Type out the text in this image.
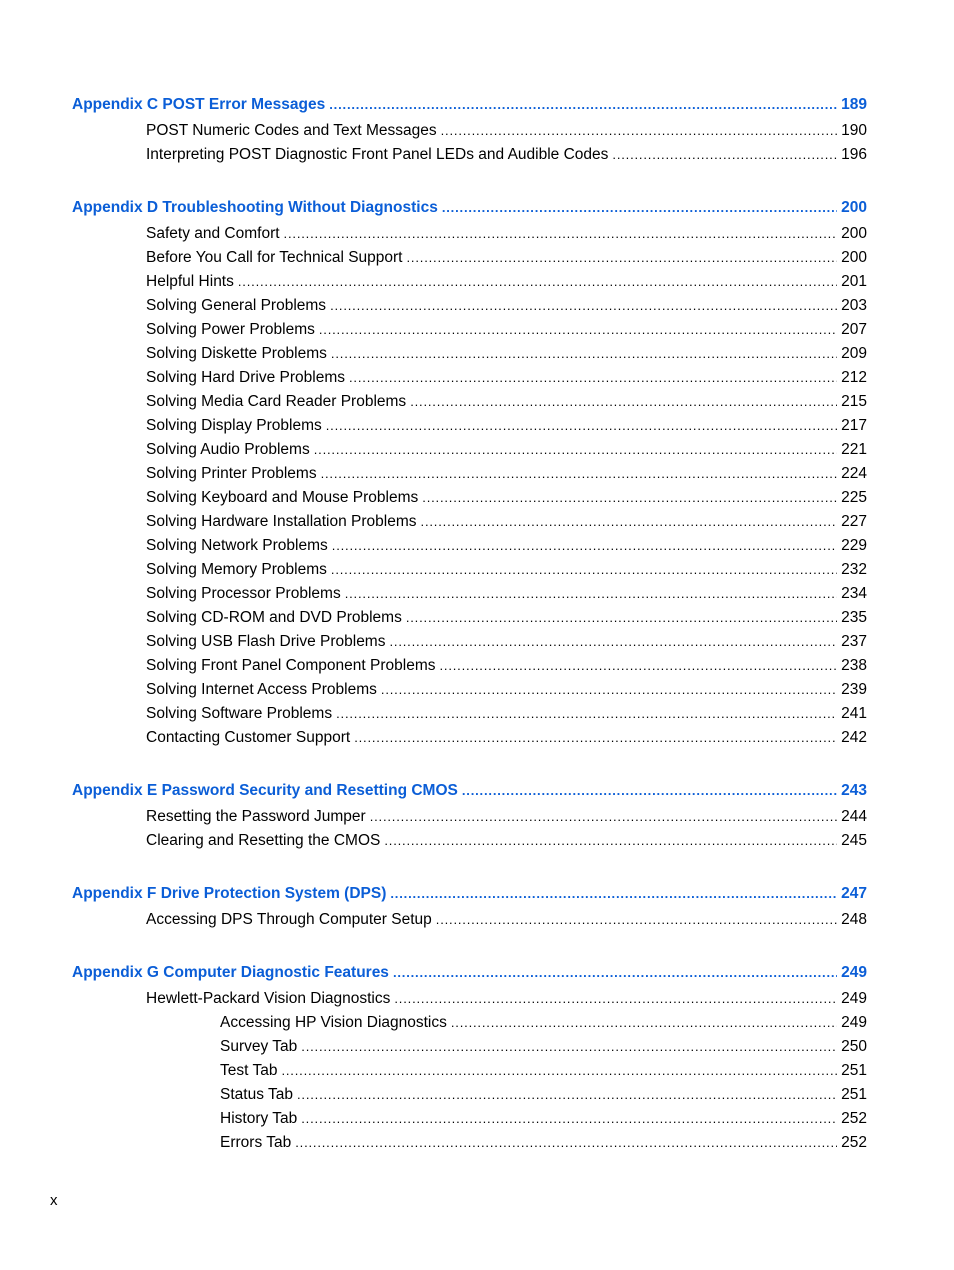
Appendix C POST Error Messages . . .	189
POST Numeric Codes and Text Messages . . .	190
Interpreting POST Diagnostic Front Panel LEDs and Audible Codes . . .	196
Appendix D Troubleshooting Without Diagnostics . . .	200
Safety and Comfort . . .	200
Before You Call for Technical Support . . .	200
Helpful Hints . . .	201
Solving General Problems . . .	203
Solving Power Problems . . .	207
Solving Diskette Problems . . .	209
Solving Hard Drive Problems . . .	212
Solving Media Card Reader Problems . . .	215
Solving Display Problems . . .	217
Solving Audio Problems . . .	221
Solving Printer Problems . . .	224
Solving Keyboard and Mouse Problems . . .	225
Solving Hardware Installation Problems . . .	227
Solving Network Problems . . .	229
Solving Memory Problems . . .	232
Solving Processor Problems . . .	234
Solving CD-ROM and DVD Problems . . .	235
Solving USB Flash Drive Problems . . .	237
Solving Front Panel Component Problems . . .	238
Solving Internet Access Problems . . .	239
Solving Software Problems . . .	241
Contacting Customer Support . . .	242
Appendix E Password Security and Resetting CMOS . . .	243
Resetting the Password Jumper . . .	244
Clearing and Resetting the CMOS . . .	245
Appendix F Drive Protection System (DPS) . . .	247
Accessing DPS Through Computer Setup . . .	248
Appendix G Computer Diagnostic Features . . .	249
Hewlett-Packard Vision Diagnostics . . .	249
Accessing HP Vision Diagnostics . . .	249
Survey Tab . . .	250
Test Tab . . .	251
Status Tab . . .	251
History Tab . . .	252
Errors Tab . . .	252
x
